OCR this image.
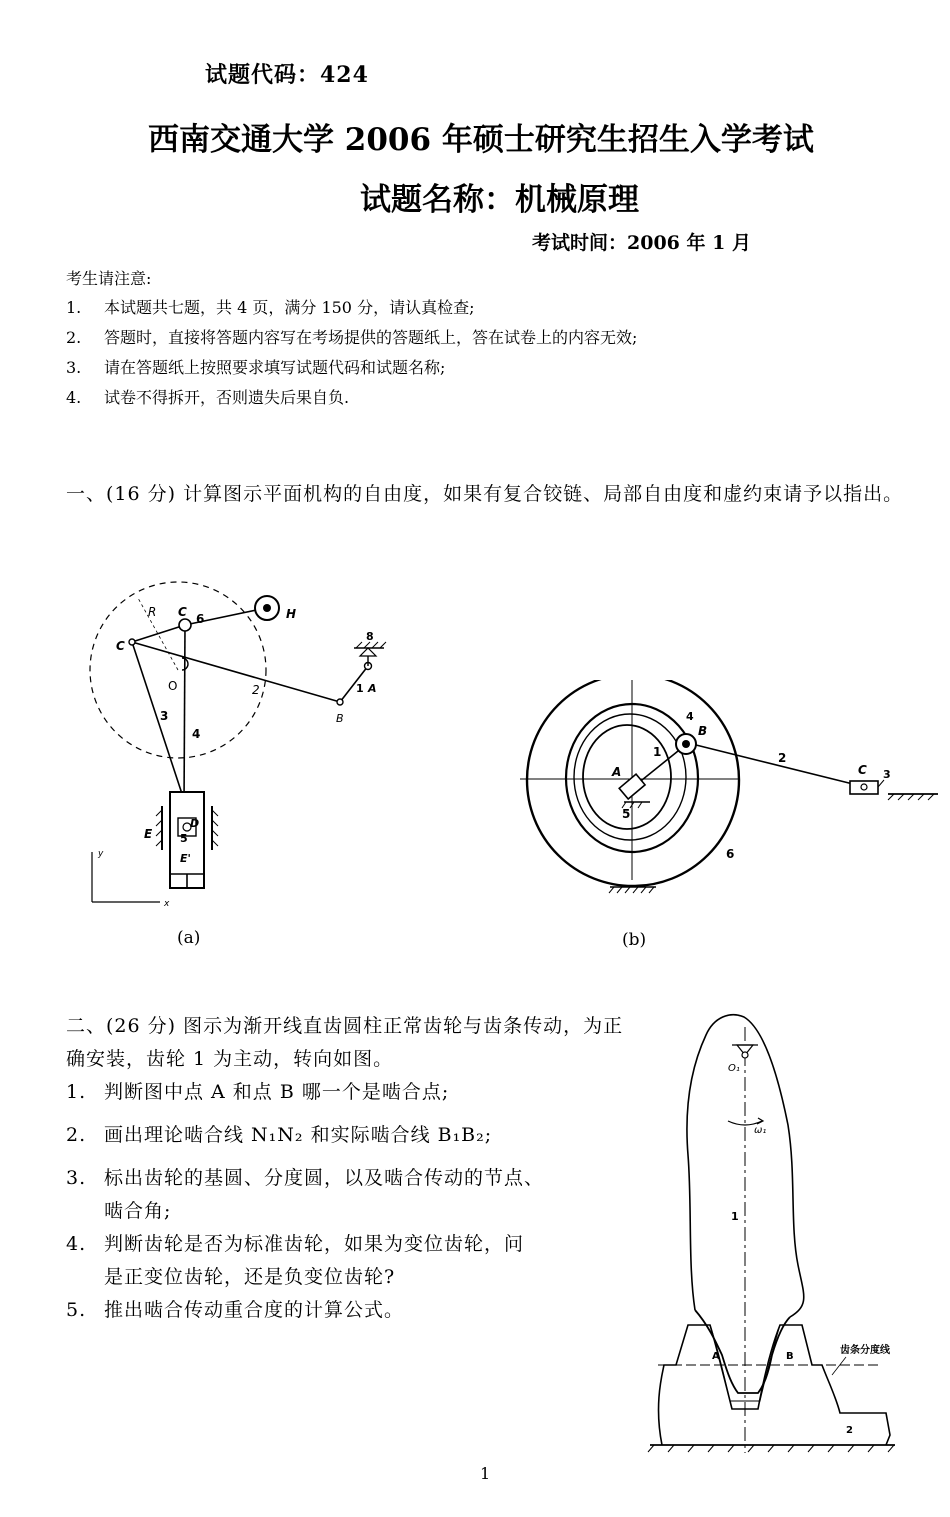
试题代码：424
西南交通大学 2006 年硕士研究生招生入学考试
试题名称：机械原理
考试时间：2006 年 1 月
考生请注意:
1. 本试题共七题，共 4 页，满分 150 分，请认真检查;
2. 答题时，直接将答题内容写在考场提供的答题纸上，答在试卷上的内容无效;
3. 请在答题纸上按照要求填写试题代码和试题名称;
4. 试卷不得拆开，否则遗失后果自负.
一、(16 分) 计算图示平面机构的自由度，如果有复合铰链、局部自由度和虚约束请予以指出。
R
C
C 6	H
8
O	2	1 A
3
4
B
D
E
E'
5
y
x
(a)
4
B
1
A
2
C 3
5
6
(b)
二、(26 分) 图示为渐开线直齿圆柱正常齿轮与齿条传动，为正确安装，齿轮 1 为主动，转向如图。
1. 判断图中点 A 和点 B 哪一个是啮合点;
2. 画出理论啮合线 N₁N₂ 和实际啮合线 B₁B₂;
3. 标出齿轮的基圆、分度圆，以及啮合传动的节点、
啮合角;
4. 判断齿轮是否为标准齿轮，如果为变位齿轮，问
是正变位齿轮，还是负变位齿轮?
5. 推出啮合传动重合度的计算公式。
O₁
ω₁
1
A	B
齿条分度线
2
1
